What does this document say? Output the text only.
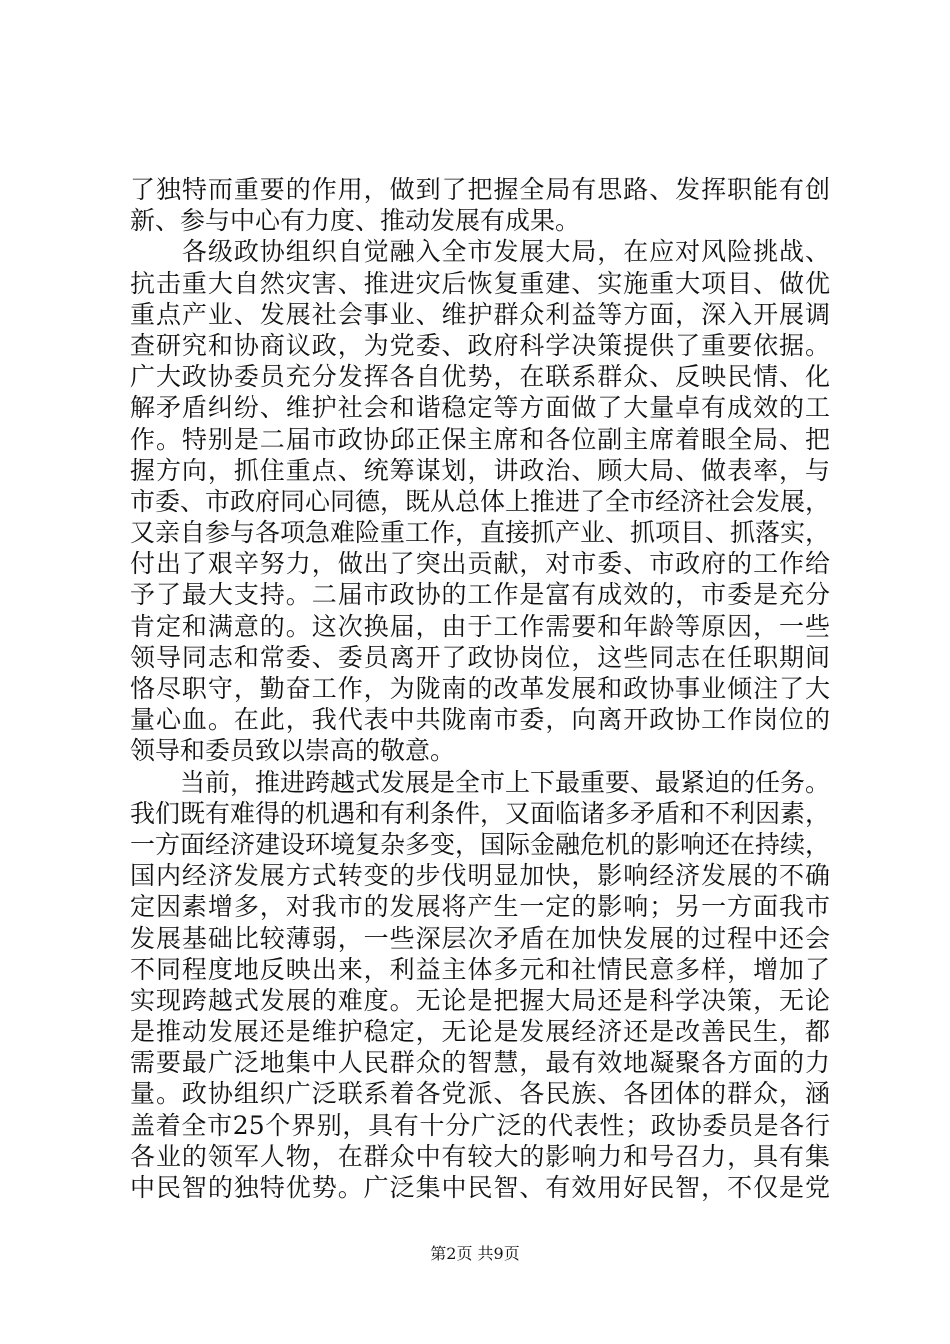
了独特而重要的作用，做到了把握全局有思路、发挥职能有创
新、参与中心有力度、推动发展有成果。
　　各级政协组织自觉融入全市发展大局，在应对风险挑战、
抗击重大自然灾害、推进灾后恢复重建、实施重大项目、做优
重点产业、发展社会事业、维护群众利益等方面，深入开展调
查研究和协商议政，为党委、政府科学决策提供了重要依据。
广大政协委员充分发挥各自优势，在联系群众、反映民情、化
解矛盾纠纷、维护社会和谐稳定等方面做了大量卓有成效的工
作。特别是二届市政协邱正保主席和各位副主席着眼全局、把
握方向，抓住重点、统筹谋划，讲政治、顾大局、做表率，与
市委、市政府同心同德，既从总体上推进了全市经济社会发展，
又亲自参与各项急难险重工作，直接抓产业、抓项目、抓落实，
付出了艰辛努力，做出了突出贡献，对市委、市政府的工作给
予了最大支持。二届市政协的工作是富有成效的，市委是充分
肯定和满意的。这次换届，由于工作需要和年龄等原因，一些
领导同志和常委、委员离开了政协岗位，这些同志在任职期间
恪尽职守，勤奋工作，为陇南的改革发展和政协事业倾注了大
量心血。在此，我代表中共陇南市委，向离开政协工作岗位的
领导和委员致以崇高的敬意。
　　当前，推进跨越式发展是全市上下最重要、最紧迫的任务。
我们既有难得的机遇和有利条件，又面临诸多矛盾和不利因素，
一方面经济建设环境复杂多变，国际金融危机的影响还在持续，
国内经济发展方式转变的步伐明显加快，影响经济发展的不确
定因素增多，对我市的发展将产生一定的影响；另一方面我市
发展基础比较薄弱，一些深层次矛盾在加快发展的过程中还会
不同程度地反映出来，利益主体多元和社情民意多样，增加了
实现跨越式发展的难度。无论是把握大局还是科学决策，无论
是推动发展还是维护稳定，无论是发展经济还是改善民生，都
需要最广泛地集中人民群众的智慧，最有效地凝聚各方面的力
量。政协组织广泛联系着各党派、各民族、各团体的群众，涵
盖着全市25个界别，具有十分广泛的代表性；政协委员是各行
各业的领军人物，在群众中有较大的影响力和号召力，具有集
中民智的独特优势。广泛集中民智、有效用好民智，不仅是党
第2页 共9页
